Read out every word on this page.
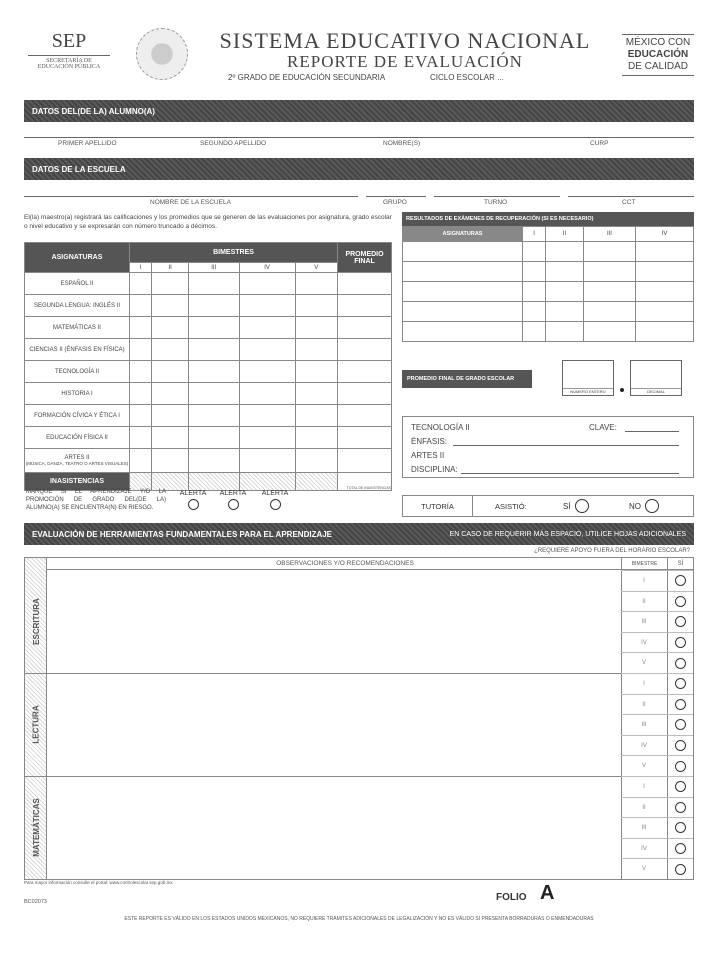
SEP
SECRETARÍA DE
EDUCACIÓN PÚBLICA
SISTEMA EDUCATIVO NACIONAL
REPORTE DE EVALUACIÓN
2º GRADO DE EDUCACIÓN SECUNDARIA	CICLO ESCOLAR ...
MÉXICO CON
EDUCACIÓN
DE CALIDAD
DATOS DEL(DE LA) ALUMNO(A)
PRIMER APELLIDO	SEGUNDO APELLIDO	NOMBRE(S)	CURP
DATOS DE LA ESCUELA
NOMBRE DE LA ESCUELA	GRUPO	TURNO	CCT
El(la) maestro(a) registrará las calificaciones y los promedios que se generen de las evaluaciones por asignatura, grado escolar o nivel educativo y se expresarán con número truncado a décimos.
ASIGNATURAS	BIMESTRES					PROMEDIO FINAL
	I	II	III	IV	V	
ESPAÑOL II						
SEGUNDA LENGUA: INGLÉS II						
MATEMÁTICAS II						
CIENCIAS II (ÉNFASIS EN FÍSICA)						
TECNOLOGÍA II						
HISTORIA I						
FORMACIÓN CÍVICA Y ÉTICA I						
EDUCACIÓN FÍSICA II						

ARTES II
(MÚSICA, DANZA, TEATRO O ARTES VISUALES)						

INASISTENCIAS						TOTAL DE INASISTENCIAS
MARQUE SI EL APRENDIZAJE Y/O LA PROMOCIÓN DE GRADO DEL(DE LA) ALUMNO(A) SE ENCUENTRA(N) EN RIESGO.
ALERTA ALERTA ALERTA
RESULTADOS DE EXÁMENES DE RECUPERACIÓN (SI ES NECESARIO)
ASIGNATURAS	I	II	III	IV

PROMEDIO FINAL DE GRADO ESCOLAR
NÚMERO ENTERO	DECIMAL
TECNOLOGÍA II	CLAVE:
ÉNFASIS:
ARTES II
DISCIPLINA:
TUTORÍA	ASISTIÓ:	SÍ	NO
EVALUACIÓN DE HERRAMIENTAS FUNDAMENTALES PARA EL APRENDIZAJE	EN CASO DE REQUERIR MÁS ESPACIO, UTILICE HOJAS ADICIONALES
¿REQUIERE APOYO FUERA DEL HORARIO ESCOLAR?
OBSERVACIONES Y/O RECOMENDACIONES	BIMESTRE	SÍ
ESCRITURA
I
II
III
IV
V
LECTURA
I
II
III
IV
V
MATEMÁTICAS
I
II
III
IV
V
Para mayor información consulte el portal: www.controlescolar.sep.gob.mx
BC02073	FOLIO A
ESTE REPORTE ES VÁLIDO EN LOS ESTADOS UNIDOS MEXICANOS, NO REQUIERE TRÁMITES ADICIONALES DE LEGALIZACIÓN Y NO ES VÁLIDO SI PRESENTA BORRADURAS O ENMENDADURAS
